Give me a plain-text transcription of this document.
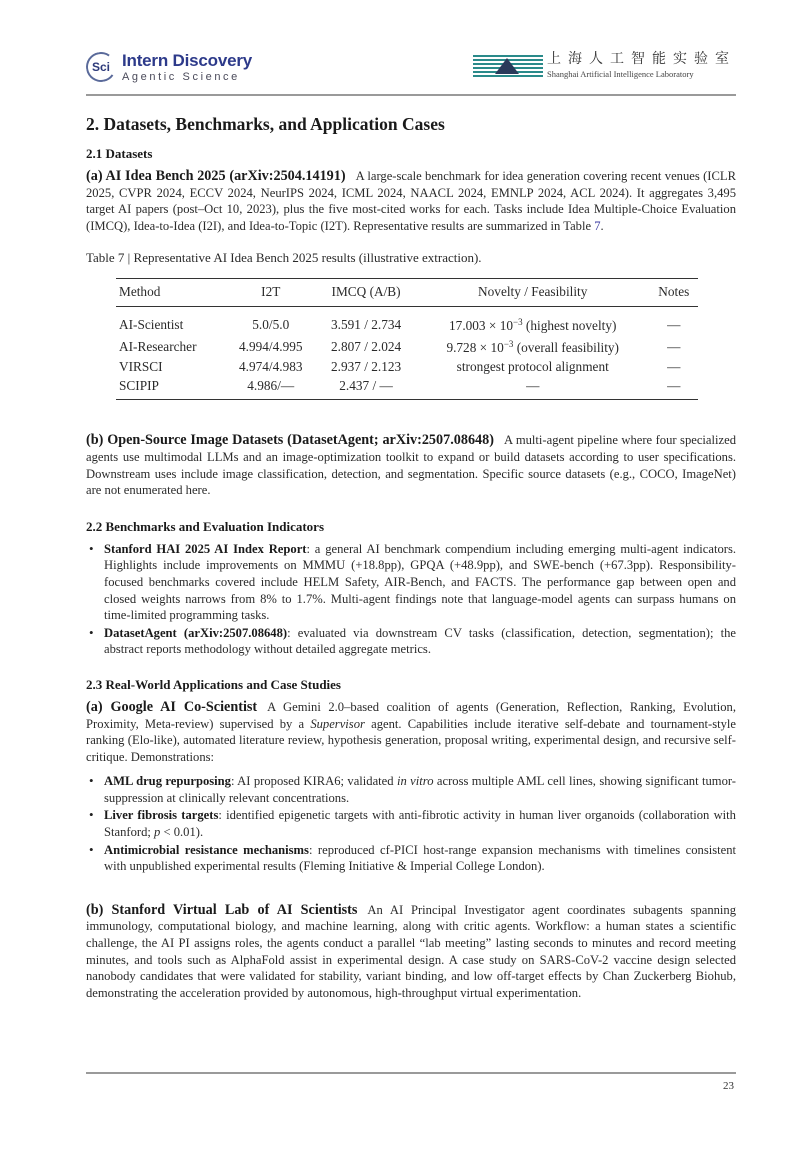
Sci Intern Discovery
Agentic Science
上海人工智能实验室
Shanghai Artificial Intelligence Laboratory
2. Datasets, Benchmarks, and Application Cases
2.1 Datasets

(a) AI Idea Bench 2025 (arXiv:2504.14191) A large-scale benchmark for idea generation covering recent venues (ICLR 2025, CVPR 2024, ECCV 2024, NeurIPS 2024, ICML 2024, NAACL 2024, EMNLP 2024, ACL 2024). It aggregates 3,495 target AI papers (post–Oct 10, 2023), plus the five most-cited works for each. Tasks include Idea Multiple-Choice Evaluation (IMCQ), Idea-to-Idea (I2I), and Idea-to-Topic (I2T). Representative results are summarized in Table 7.

Table 7 | Representative AI Idea Bench 2025 results (illustrative extraction).
Method	I2T	IMCQ (A/B)	Novelty / Feasibility	Notes
AI-Scientist	5.0/5.0	3.591 / 2.734	$17.003 \times 10^{-3}$ (highest novelty)	—
AI-Researcher	4.994/4.995	2.807 / 2.024	$9.728 \times 10^{-3}$ (overall feasibility)	—
VIRSCI	4.974/4.983	2.937 / 2.123	strongest protocol alignment	—
SCIPIP	4.986/—	2.437 / —	—	—

(b) Open-Source Image Datasets (DatasetAgent; arXiv:2507.08648) A multi-agent pipeline where four specialized agents use multimodal LLMs and an image-optimization toolkit to expand or build datasets according to user specifications. Downstream uses include image classification, detection, and segmentation. Specific source datasets (e.g., COCO, ImageNet) are not enumerated here.

2.2 Benchmarks and Evaluation Indicators
• Stanford HAI 2025 AI Index Report: a general AI benchmark compendium including emerging multi-agent indicators. Highlights include improvements on MMMU (+18.8pp), GPQA (+48.9pp), and SWE-bench (+67.3pp). Responsibility-focused benchmarks covered include HELM Safety, AIR-Bench, and FACTS. The performance gap between open and closed weights narrows from 8% to 1.7%. Multi-agent findings note that language-model agents can surpass humans on time-limited programming tasks.
• DatasetAgent (arXiv:2507.08648): evaluated via downstream CV tasks (classification, detection, segmentation); the abstract reports methodology without detailed aggregate metrics.
2.3 Real-World Applications and Case Studies

(a) Google AI Co-Scientist A Gemini 2.0–based coalition of agents (Generation, Reflection, Ranking, Evolution, Proximity, Meta-review) supervised by a Supervisor agent. Capabilities include iterative self-debate and tournament-style ranking (Elo-like), automated literature review, hypothesis generation, proposal writing, experimental design, and recursive self-critique. Demonstrations:

• AML drug repurposing: AI proposed KIRA6; validated in vitro across multiple AML cell lines, showing significant tumor-suppression at clinically relevant concentrations.
• Liver fibrosis targets: identified epigenetic targets with anti-fibrotic activity in human liver organoids (collaboration with Stanford; p < 0.01).
• Antimicrobial resistance mechanisms: reproduced cf-PICI host-range expansion mechanisms with timelines consistent with unpublished experimental results (Fleming Initiative & Imperial College London).

(b) Stanford Virtual Lab of AI Scientists An AI Principal Investigator agent coordinates subagents spanning immunology, computational biology, and machine learning, along with critic agents. Workflow: a human states a scientific challenge, the AI PI assigns roles, the agents conduct a parallel “lab meeting” lasting seconds to minutes and record meeting minutes, and tools such as AlphaFold assist in experimental design. A case study on SARS-CoV-2 vaccine design selected nanobody candidates that were validated for stability, variant binding, and low off-target effects by Chan Zuckerberg Biohub, demonstrating the acceleration provided by autonomous, high-throughput virtual experimentation.

23
